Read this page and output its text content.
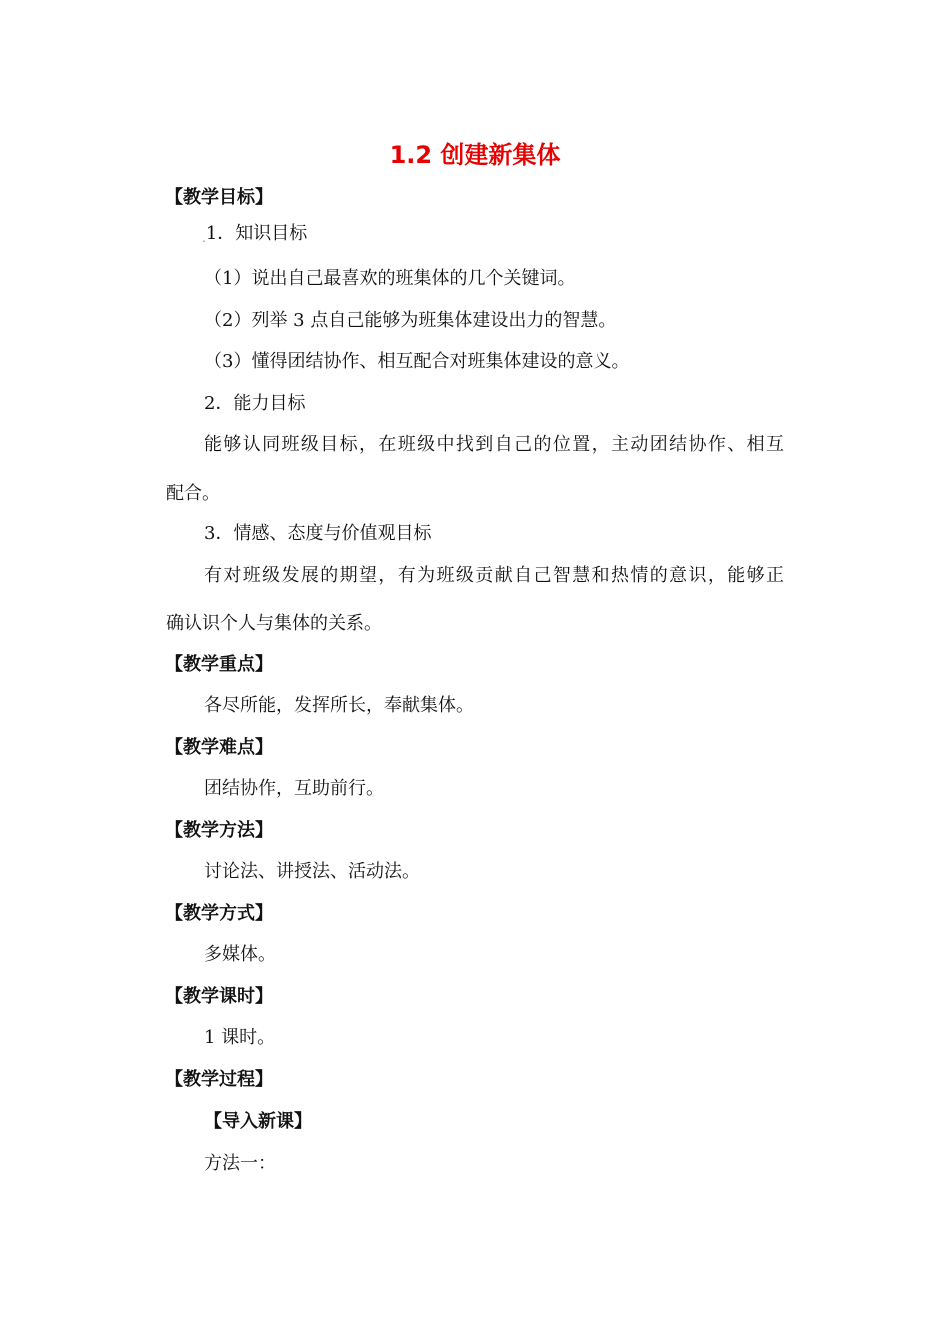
1.2 创建新集体
【教学目标】
.1．知识目标
（1）说出自己最喜欢的班集体的几个关键词。
（2）列举 3 点自己能够为班集体建设出力的智慧。
（3）懂得团结协作、相互配合对班集体建设的意义。
2．能力目标
能够认同班级目标，在班级中找到自己的位置，主动团结协作、相互
配合。
3．情感、态度与价值观目标
有对班级发展的期望，有为班级贡献自己智慧和热情的意识，能够正
确认识个人与集体的关系。
【教学重点】
各尽所能，发挥所长，奉献集体。
【教学难点】
团结协作，互助前行。
【教学方法】
讨论法、讲授法、活动法。
【教学方式】
多媒体。
【教学课时】
1 课时。
【教学过程】
【导入新课】
方法一：
